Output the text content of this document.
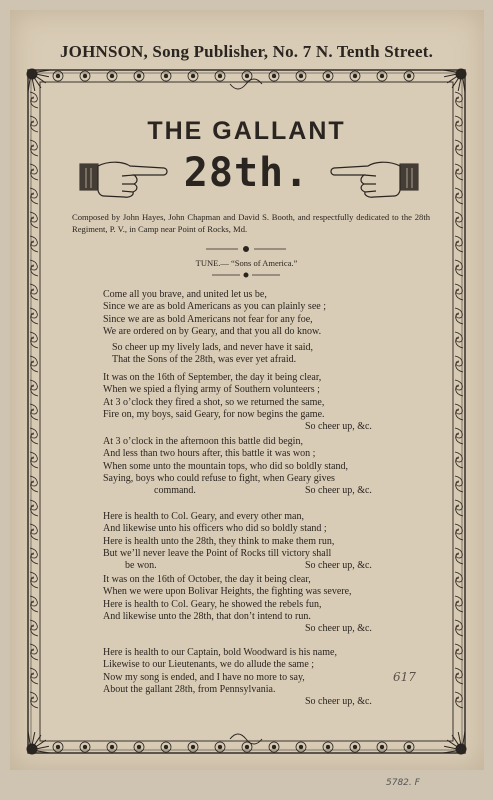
JOHNSON, Song Publisher, No. 7 N. Tenth Street.
THE GALLANT
28th.
Composed by John Hayes, John Chapman and David S. Booth, and respectfully dedicated to the 28th Regiment, P. V., in Camp near Point of Rocks, Md.
TUNE.— “Sons of America.”
Come all you brave, and united let us be,
Since we are as bold Americans as you can plainly see ;
Since we are as bold Americans not fear for any foe,
We are ordered on by Geary, and that you all do know.
So cheer up my lively lads, and never have it said,
That the Sons of the 28th, was ever yet afraid.
It was on the 16th of September, the day it being clear,
When we spied a flying army of Southern volunteers ;
At 3 o’clock they fired a shot, so we returned the same,
Fire on, my boys, said Geary, for now begins the game.
So cheer up, &c.
At 3 o’clock in the afternoon this battle did begin,
And less than two hours after, this battle it was won ;
When some unto the mountain tops, who did so boldly stand,
Saying, boys who could refuse to fight, when Geary gives
command.	So cheer up, &c.
Here is health to Col. Geary, and every other man,
And likewise unto his officers who did so boldly stand ;
Here is health unto the 28th, they think to make them run,
But we’ll never leave the Point of Rocks till victory shall
be won.	So cheer up, &c.
It was on the 16th of October, the day it being clear,
When we were upon Bolivar Heights, the fighting was severe,
Here is health to Col. Geary, he showed the rebels fun,
And likewise unto the 28th, that don’t intend to run.
So cheer up, &c.
Here is health to our Captain, bold Woodward is his name,
Likewise to our Lieutenants, we do allude the same ;
Now my song is ended, and I have no more to say,
About the gallant 28th, from Pennsylvania.
So cheer up, &c.
617
5782. F
